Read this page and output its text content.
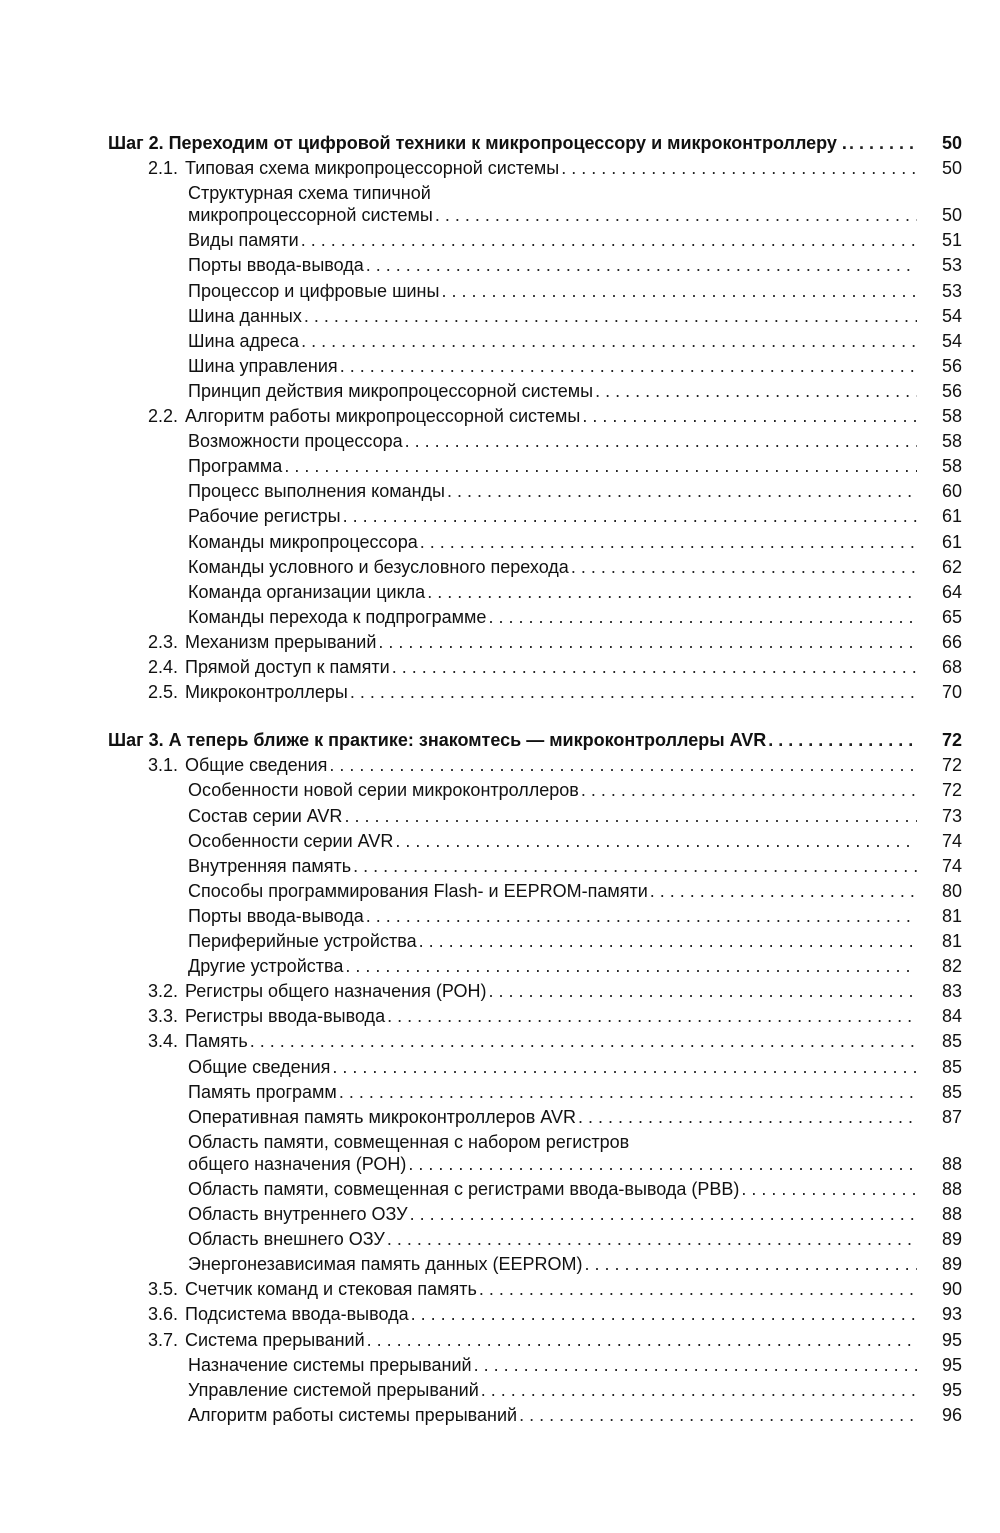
Шаг 2. Переходим от цифровой техники к микропроцессору и микроконтроллеру . . . .	50
2.1. Типовая схема микропроцессорной системы . . .	50
Структурная схема типичной
микропроцессорной системы . . .	50
Виды памяти . . .	51
Порты ввода-вывода . . .	53
Процессор и цифровые шины . . .	53
Шина данных . . .	54
Шина адреса . . .	54
Шина управления . . .	56
Принцип действия микропроцессорной системы . . .	56
2.2. Алгоритм работы микропроцессорной системы . . .	58
Возможности процессора . . .	58
Программа . . .	58
Процесс выполнения команды . . .	60
Рабочие регистры . . .	61
Команды микропроцессора . . .	61
Команды условного и безусловного перехода . . .	62
Команда организации цикла . . .	64
Команды перехода к подпрограмме . . .	65
2.3. Механизм прерываний . . .	66
2.4. Прямой доступ к памяти . . .	68
2.5. Микроконтроллеры . . .	70
Шаг 3. А теперь ближе к практике: знакомтесь — микроконтроллеры AVR . . .	72
3.1. Общие сведения . . .	72
Особенности новой серии микроконтроллеров . . .	72
Состав серии AVR . . .	73
Особенности серии AVR . . .	74
Внутренняя память . . .	74
Способы программирования Flash- и EEPROM-памяти . . .	80
Порты ввода-вывода . . .	81
Периферийные устройства . . .	81
Другие устройства . . .	82
3.2. Регистры общего назначения (РОН) . . .	83
3.3. Регистры ввода-вывода . . .	84
3.4. Память . . .	85
Общие сведения . . .	85
Память программ . . .	85
Оперативная память микроконтроллеров AVR . . .	87
Область памяти, совмещенная с набором регистров
общего назначения (РОН) . . .	88
Область памяти, совмещенная с регистрами ввода-вывода (РВВ) . . .	88
Область внутреннего ОЗУ . . .	88
Область внешнего ОЗУ . . .	89
Энергонезависимая память данных (EEPROM) . . .	89
3.5. Счетчик команд и стековая память . . .	90
3.6. Подсистема ввода-вывода . . .	93
3.7. Система прерываний . . .	95
Назначение системы прерываний . . .	95
Управление системой прерываний . . .	95
Алгоритм работы системы прерываний . . .	96
